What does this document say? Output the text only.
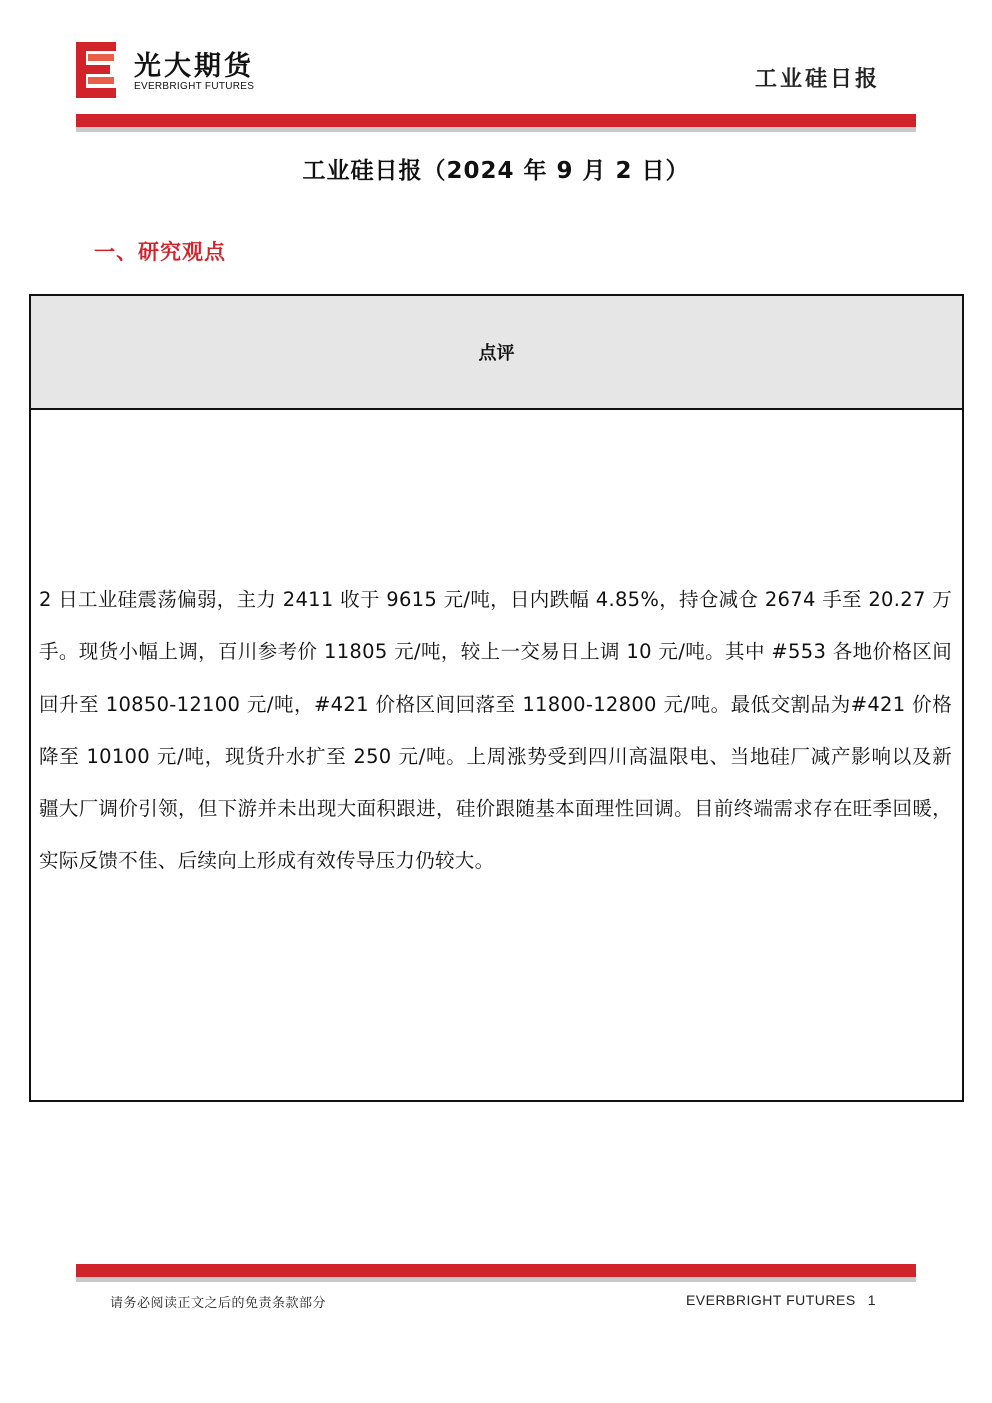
光大期货
EVERBRIGHT FUTURES	工业硅日报
工业硅日报（2024 年 9 月 2 日）
一、研究观点
点评

2 日工业硅震荡偏弱，主力 2411 收于 9615 元/吨，日内跌幅 4.85%，持仓减仓 2674 手至 20.27 万手。现货小幅上调，百川参考价 11805 元/吨，较上一交易日上调 10 元/吨。其中 #553 各地价格区间回升至 10850-12100 元/吨，#421 价格区间回落至 11800-12800 元/吨。最低交割品为#421 价格降至 10100 元/吨，现货升水扩至 250 元/吨。上周涨势受到四川高温限电、当地硅厂减产影响以及新疆大厂调价引领，但下游并未出现大面积跟进，硅价跟随基本面理性回调。目前终端需求存在旺季回暖，实际反馈不佳、后续向上形成有效传导压力仍较大。

请务必阅读正文之后的免责条款部分	EVERBRIGHT FUTURES 1
